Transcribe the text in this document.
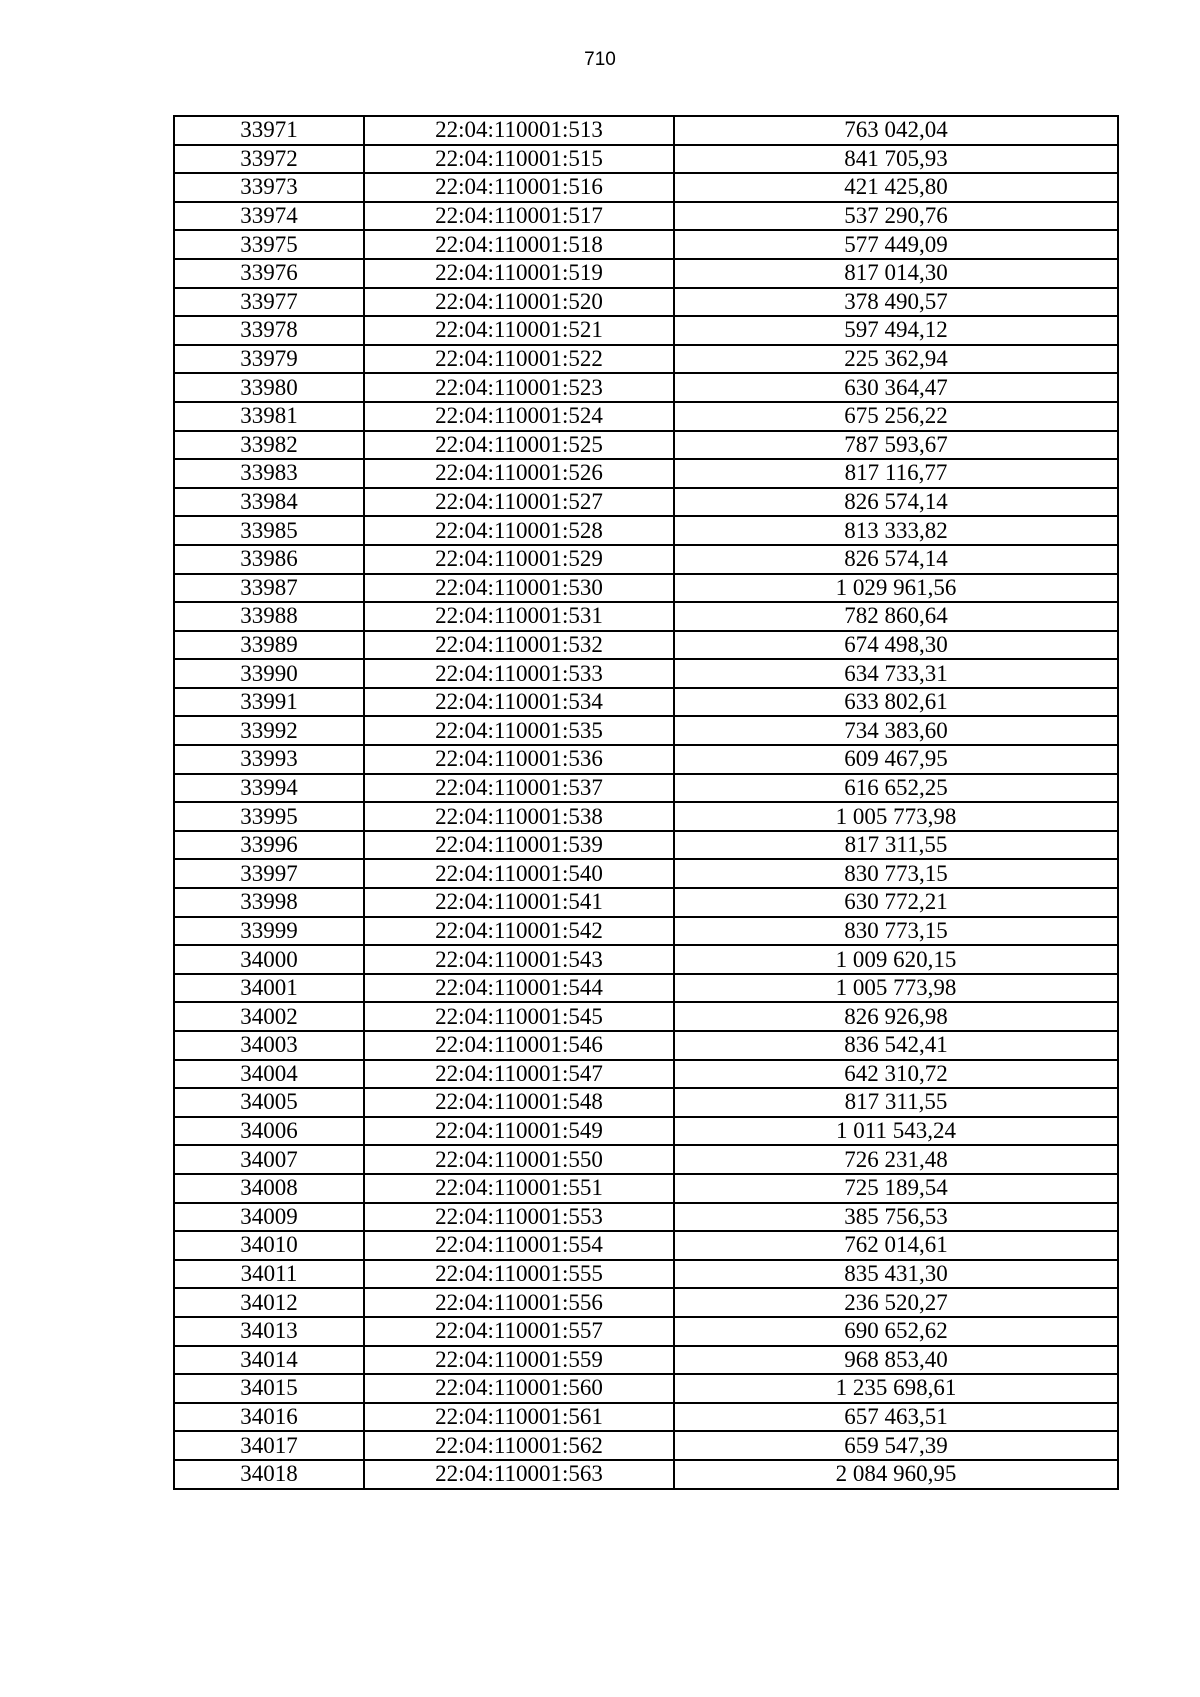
710
33971	22:04:110001:513	763 042,04
33972	22:04:110001:515	841 705,93
33973	22:04:110001:516	421 425,80
33974	22:04:110001:517	537 290,76
33975	22:04:110001:518	577 449,09
33976	22:04:110001:519	817 014,30
33977	22:04:110001:520	378 490,57
33978	22:04:110001:521	597 494,12
33979	22:04:110001:522	225 362,94
33980	22:04:110001:523	630 364,47
33981	22:04:110001:524	675 256,22
33982	22:04:110001:525	787 593,67
33983	22:04:110001:526	817 116,77
33984	22:04:110001:527	826 574,14
33985	22:04:110001:528	813 333,82
33986	22:04:110001:529	826 574,14
33987	22:04:110001:530	1 029 961,56
33988	22:04:110001:531	782 860,64
33989	22:04:110001:532	674 498,30
33990	22:04:110001:533	634 733,31
33991	22:04:110001:534	633 802,61
33992	22:04:110001:535	734 383,60
33993	22:04:110001:536	609 467,95
33994	22:04:110001:537	616 652,25
33995	22:04:110001:538	1 005 773,98
33996	22:04:110001:539	817 311,55
33997	22:04:110001:540	830 773,15
33998	22:04:110001:541	630 772,21
33999	22:04:110001:542	830 773,15
34000	22:04:110001:543	1 009 620,15
34001	22:04:110001:544	1 005 773,98
34002	22:04:110001:545	826 926,98
34003	22:04:110001:546	836 542,41
34004	22:04:110001:547	642 310,72
34005	22:04:110001:548	817 311,55
34006	22:04:110001:549	1 011 543,24
34007	22:04:110001:550	726 231,48
34008	22:04:110001:551	725 189,54
34009	22:04:110001:553	385 756,53
34010	22:04:110001:554	762 014,61
34011	22:04:110001:555	835 431,30
34012	22:04:110001:556	236 520,27
34013	22:04:110001:557	690 652,62
34014	22:04:110001:559	968 853,40
34015	22:04:110001:560	1 235 698,61
34016	22:04:110001:561	657 463,51
34017	22:04:110001:562	659 547,39
34018	22:04:110001:563	2 084 960,95
